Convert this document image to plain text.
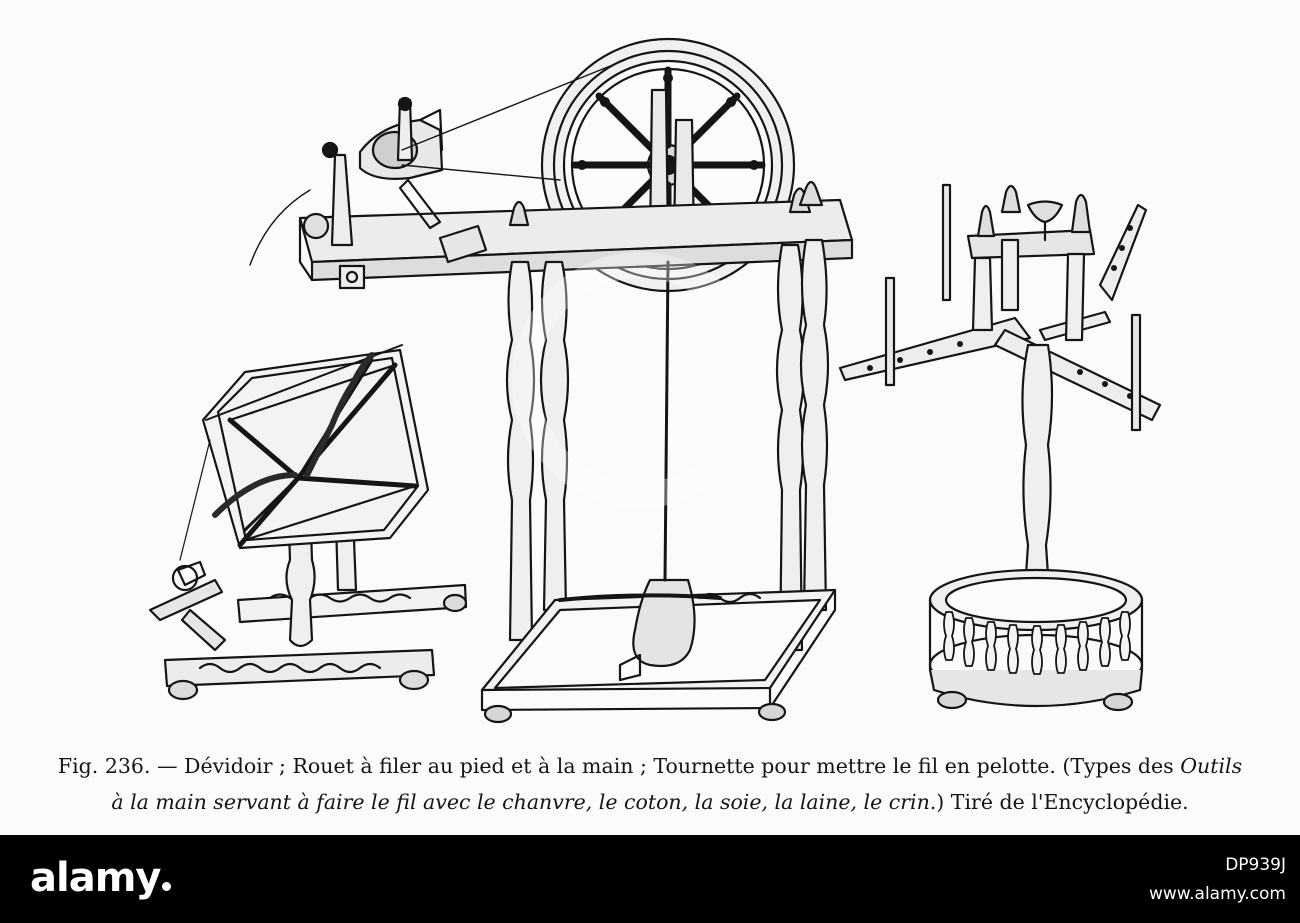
Fig. 236. — Dévidoir ; Rouet à filer au pied et à la main ; Tournette pour mettre le fil en pelotte. (Types des Outils
à la main servant à faire le fil avec le chanvre, le coton, la soie, la laine, le crin.) Tiré de l'Encyclopédie.
alamy	DP939J
www.alamy.com
